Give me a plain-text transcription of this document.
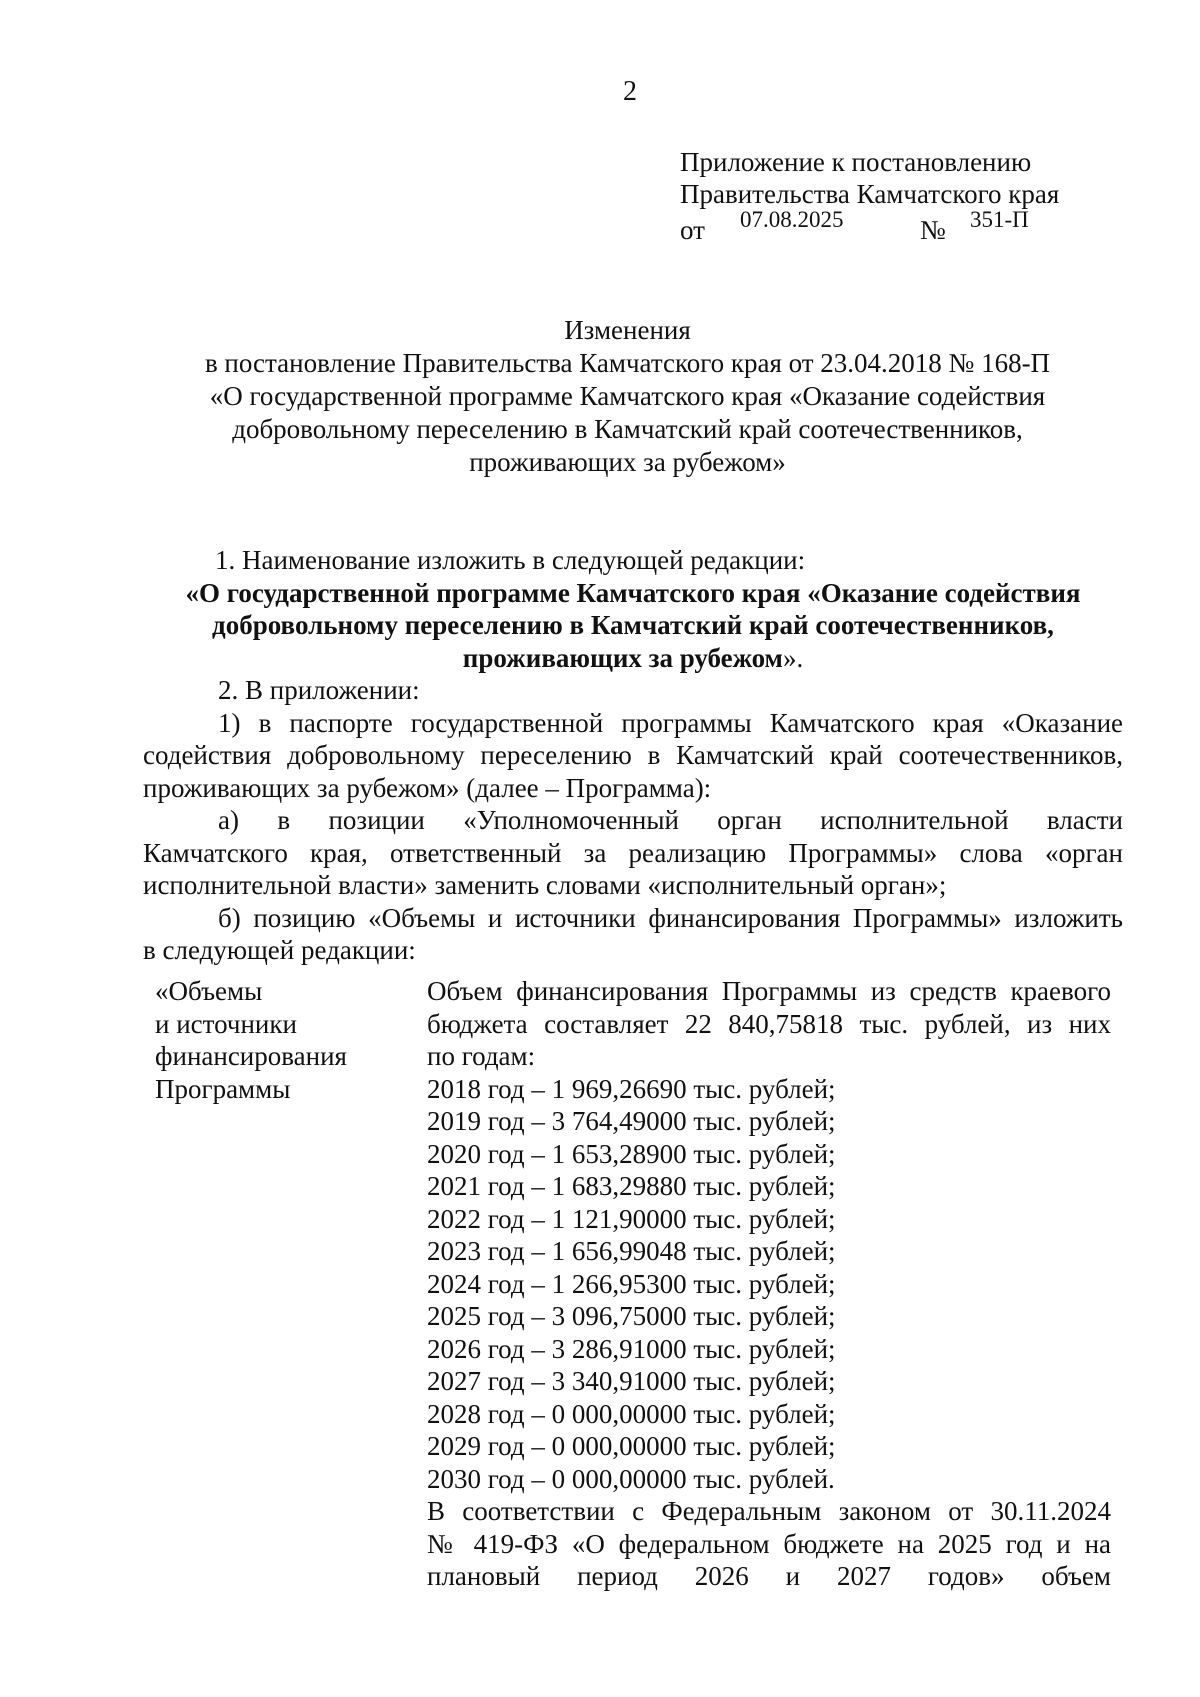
2
Приложение к постановлению
Правительства Камчатского края
от 07.08.2025	№ 351-П
Изменения
в постановление Правительства Камчатского края от 23.04.2018 № 168-П
«О государственной программе Камчатского края «Оказание содействия
добровольному переселению в Камчатский край соотечественников,
проживающих за рубежом»

1. Наименование изложить в следующей редакции:

«О государственной программе Камчатского края «Оказание содействия
добровольному переселению в Камчатский край соотечественников,
проживающих за рубежом».

2. В приложении:

1) в паспорте государственной программы Камчатского края «Оказание

содействия добровольному переселению в Камчатский край соотечественников,

проживающих за рубежом» (далее – Программа):

а) в позиции «Уполномоченный орган исполнительной власти

Камчатского края, ответственный за реализацию Программы» слова «орган

исполнительной власти» заменить словами «исполнительный орган»;

б) позицию «Объемы и источники финансирования Программы» изложить

в следующей редакции:

«Объемы
и источники
финансирования
Программы
Объем финансирования Программы из средств краевого
бюджета составляет 22 840,75818 тыс. рублей, из них
по годам:
2018 год – 1 969,26690 тыс. рублей;
2019 год – 3 764,49000 тыс. рублей;
2020 год – 1 653,28900 тыс. рублей;
2021 год – 1 683,29880 тыс. рублей;
2022 год – 1 121,90000 тыс. рублей;
2023 год – 1 656,99048 тыс. рублей;
2024 год – 1 266,95300 тыс. рублей;
2025 год – 3 096,75000 тыс. рублей;
2026 год – 3 286,91000 тыс. рублей;
2027 год – 3 340,91000 тыс. рублей;
2028 год – 0 000,00000 тыс. рублей;
2029 год – 0 000,00000 тыс. рублей;
2030 год – 0 000,00000 тыс. рублей.
В соответствии с Федеральным законом от 30.11.2024
№ 419-ФЗ «О федеральном бюджете на 2025 год и на
плановый период 2026 и 2027 годов» объем
